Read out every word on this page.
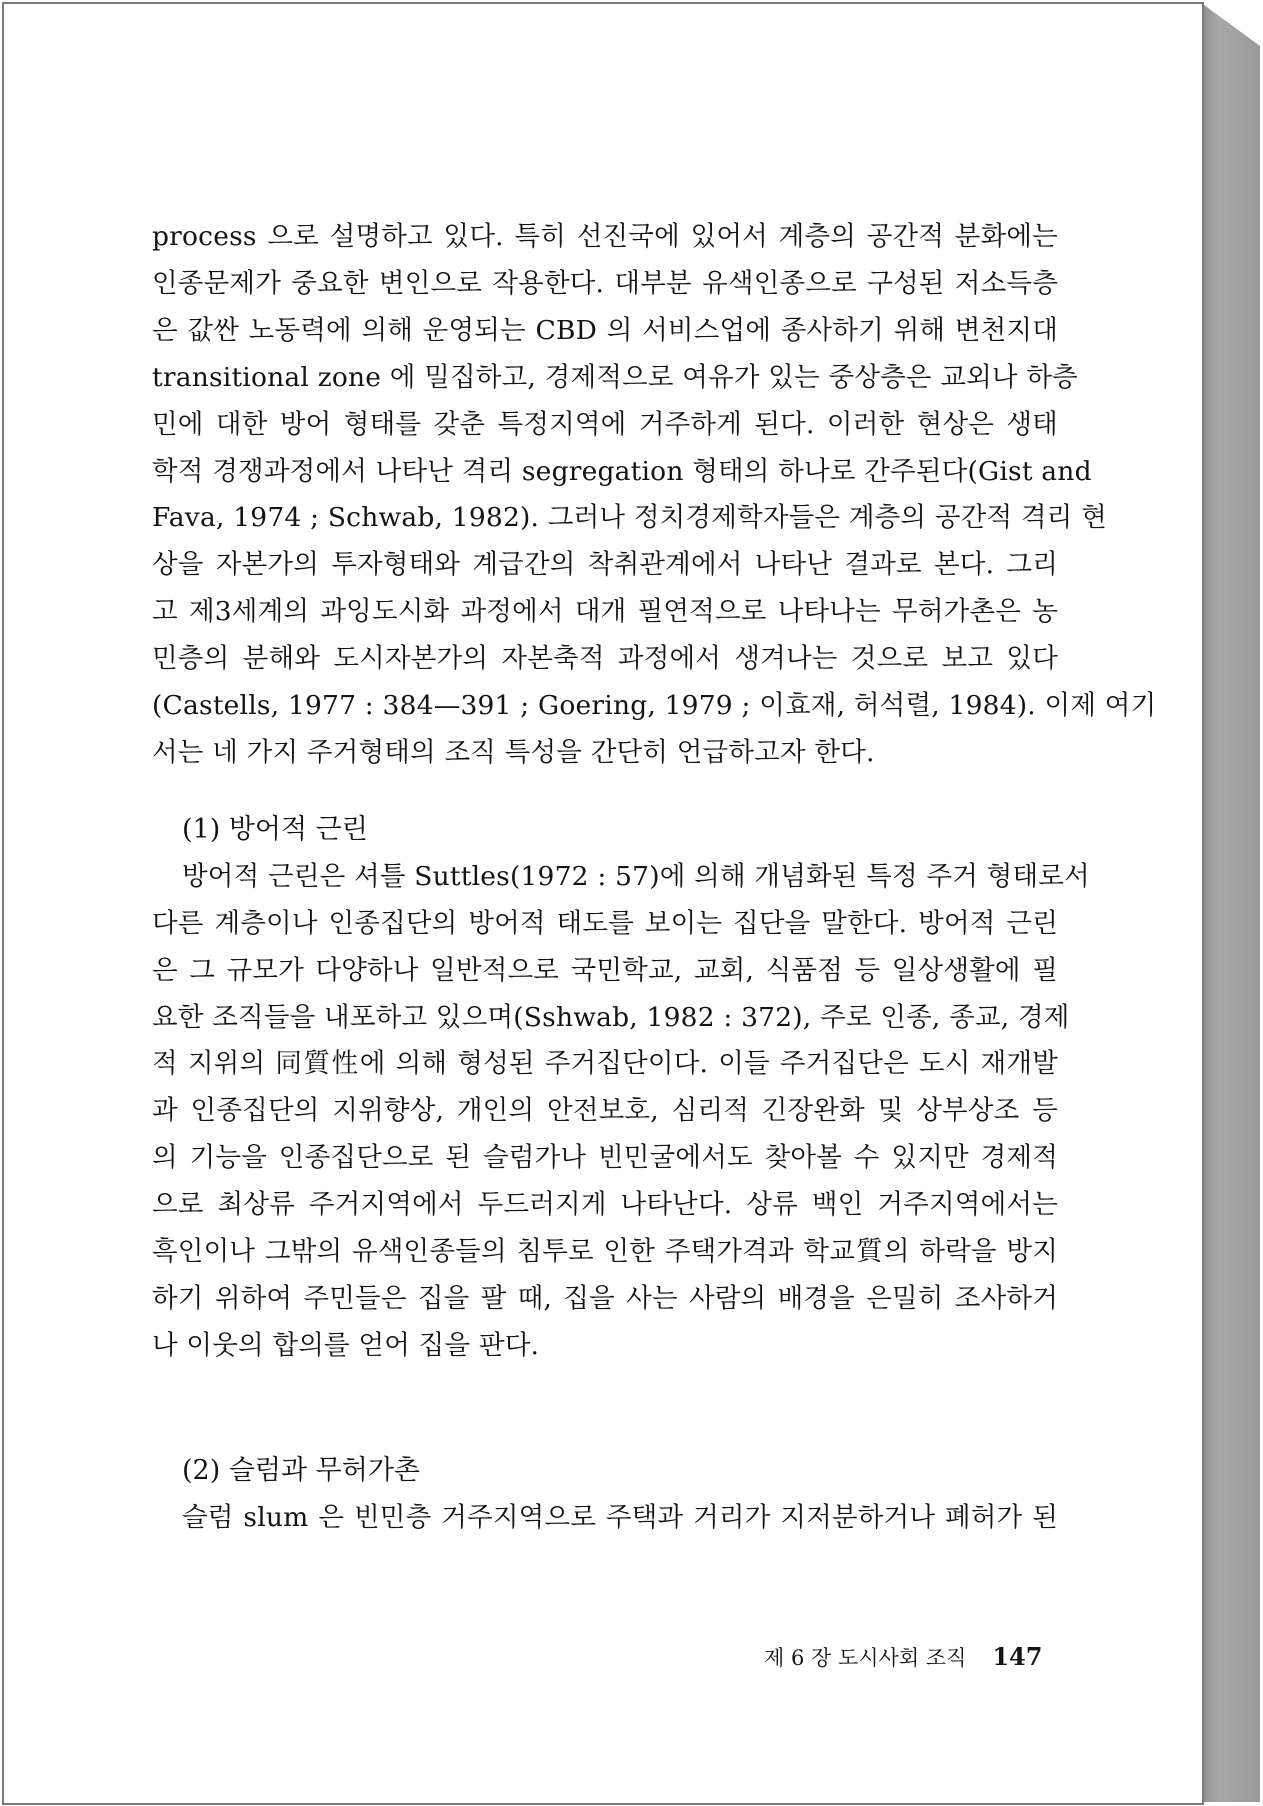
process 으로 설명하고 있다. 특히 선진국에 있어서 계층의 공간적 분화에는
인종문제가 중요한 변인으로 작용한다. 대부분 유색인종으로 구성된 저소득층
은 값싼 노동력에 의해 운영되는 CBD 의 서비스업에 종사하기 위해 변천지대
transitional zone 에 밀집하고, 경제적으로 여유가 있는 중상층은 교외나 하층
민에 대한 방어 형태를 갖춘 특정지역에 거주하게 된다. 이러한 현상은 생태
학적 경쟁과정에서 나타난 격리 segregation 형태의 하나로 간주된다(Gist and
Fava, 1974 ; Schwab, 1982). 그러나 정치경제학자들은 계층의 공간적 격리 현
상을 자본가의 투자형태와 계급간의 착취관계에서 나타난 결과로 본다. 그리
고 제3세계의 과잉도시화 과정에서 대개 필연적으로 나타나는 무허가촌은 농
민층의 분해와 도시자본가의 자본축적 과정에서 생겨나는 것으로 보고 있다
(Castells, 1977 : 384—391 ; Goering, 1979 ; 이효재, 허석렬, 1984). 이제 여기
서는 네 가지 주거형태의 조직 특성을 간단히 언급하고자 한다.
(1) 방어적 근린
방어적 근린은 셔틀 Suttles(1972 : 57)에 의해 개념화된 특정 주거 형태로서
다른 계층이나 인종집단의 방어적 태도를 보이는 집단을 말한다. 방어적 근린
은 그 규모가 다양하나 일반적으로 국민학교, 교회, 식품점 등 일상생활에 필
요한 조직들을 내포하고 있으며(Sshwab, 1982 : 372), 주로 인종, 종교, 경제
적 지위의 同質性에 의해 형성된 주거집단이다. 이들 주거집단은 도시 재개발
과 인종집단의 지위향상, 개인의 안전보호, 심리적 긴장완화 및 상부상조 등
의 기능을 인종집단으로 된 슬럼가나 빈민굴에서도 찾아볼 수 있지만 경제적
으로 최상류 주거지역에서 두드러지게 나타난다. 상류 백인 거주지역에서는
흑인이나 그밖의 유색인종들의 침투로 인한 주택가격과 학교質의 하락을 방지
하기 위하여 주민들은 집을 팔 때, 집을 사는 사람의 배경을 은밀히 조사하거
나 이웃의 합의를 얻어 집을 판다.
(2) 슬럼과 무허가촌
슬럼 slum 은 빈민층 거주지역으로 주택과 거리가 지저분하거나 폐허가 된
제 6 장 도시사회 조직 147
